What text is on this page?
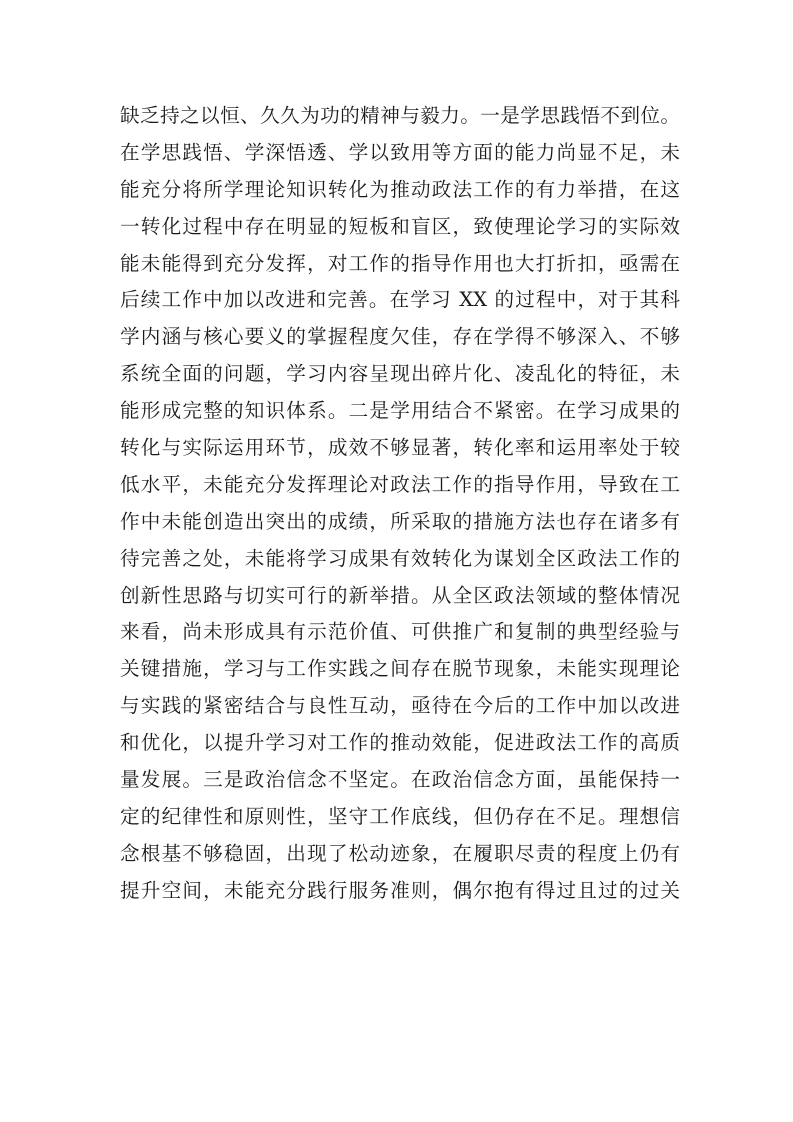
缺乏持之以恒、久久为功的精神与毅力。一是学思践悟不到位。
在学思践悟、学深悟透、学以致用等方面的能力尚显不足，未
能充分将所学理论知识转化为推动政法工作的有力举措，在这
一转化过程中存在明显的短板和盲区，致使理论学习的实际效
能未能得到充分发挥，对工作的指导作用也大打折扣，亟需在
后续工作中加以改进和完善。在学习 XX 的过程中，对于其科
学内涵与核心要义的掌握程度欠佳，存在学得不够深入、不够
系统全面的问题，学习内容呈现出碎片化、凌乱化的特征，未
能形成完整的知识体系。二是学用结合不紧密。在学习成果的
转化与实际运用环节，成效不够显著，转化率和运用率处于较
低水平，未能充分发挥理论对政法工作的指导作用，导致在工
作中未能创造出突出的成绩，所采取的措施方法也存在诸多有
待完善之处，未能将学习成果有效转化为谋划全区政法工作的
创新性思路与切实可行的新举措。从全区政法领域的整体情况
来看，尚未形成具有示范价值、可供推广和复制的典型经验与
关键措施，学习与工作实践之间存在脱节现象，未能实现理论
与实践的紧密结合与良性互动，亟待在今后的工作中加以改进
和优化，以提升学习对工作的推动效能，促进政法工作的高质
量发展。三是政治信念不坚定。在政治信念方面，虽能保持一
定的纪律性和原则性，坚守工作底线，但仍存在不足。理想信
念根基不够稳固，出现了松动迹象，在履职尽责的程度上仍有
提升空间，未能充分践行服务准则，偶尔抱有得过且过的过关
